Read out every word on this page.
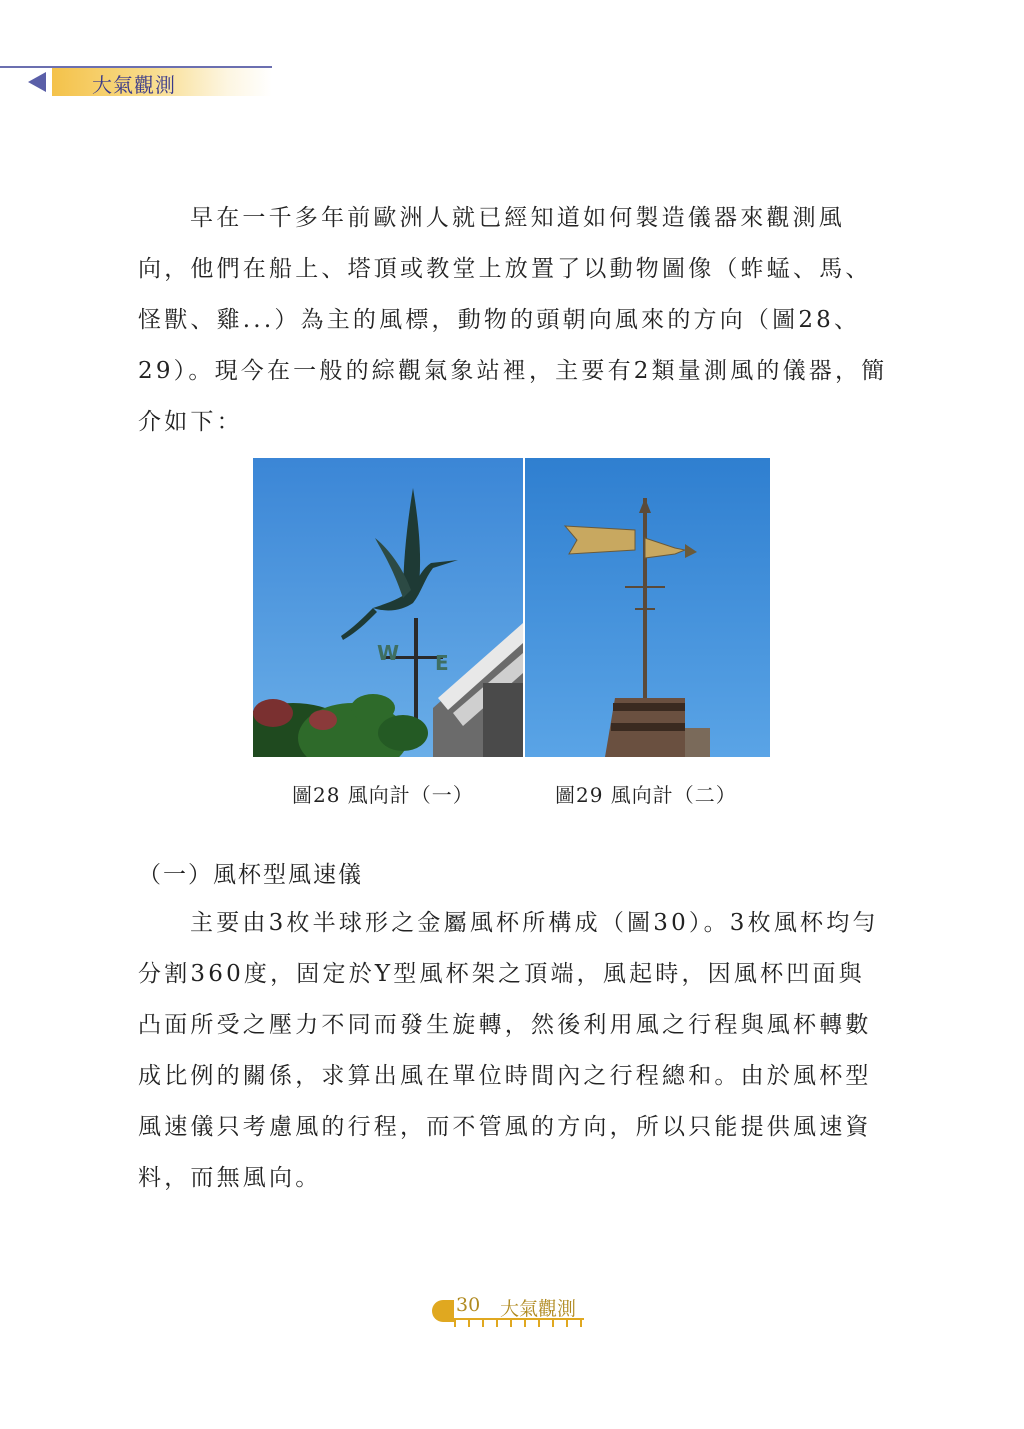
大氣觀測
早在一千多年前歐洲人就已經知道如何製造儀器來觀測風
向，他們在船上、塔頂或教堂上放置了以動物圖像（蚱蜢、馬、
怪獸、雞...）為主的風標，動物的頭朝向風來的方向（圖28、
29）。現今在一般的綜觀氣象站裡，主要有2類量測風的儀器，簡
介如下：
W E
圖28 風向計（一）	圖29 風向計（二）
（一）風杯型風速儀
主要由3枚半球形之金屬風杯所構成（圖30）。3枚風杯均勻
分割360度，固定於Y型風杯架之頂端，風起時，因風杯凹面與
凸面所受之壓力不同而發生旋轉，然後利用風之行程與風杯轉數
成比例的關係，求算出風在單位時間內之行程總和。由於風杯型
風速儀只考慮風的行程，而不管風的方向，所以只能提供風速資
料，而無風向。
30 大氣觀測
